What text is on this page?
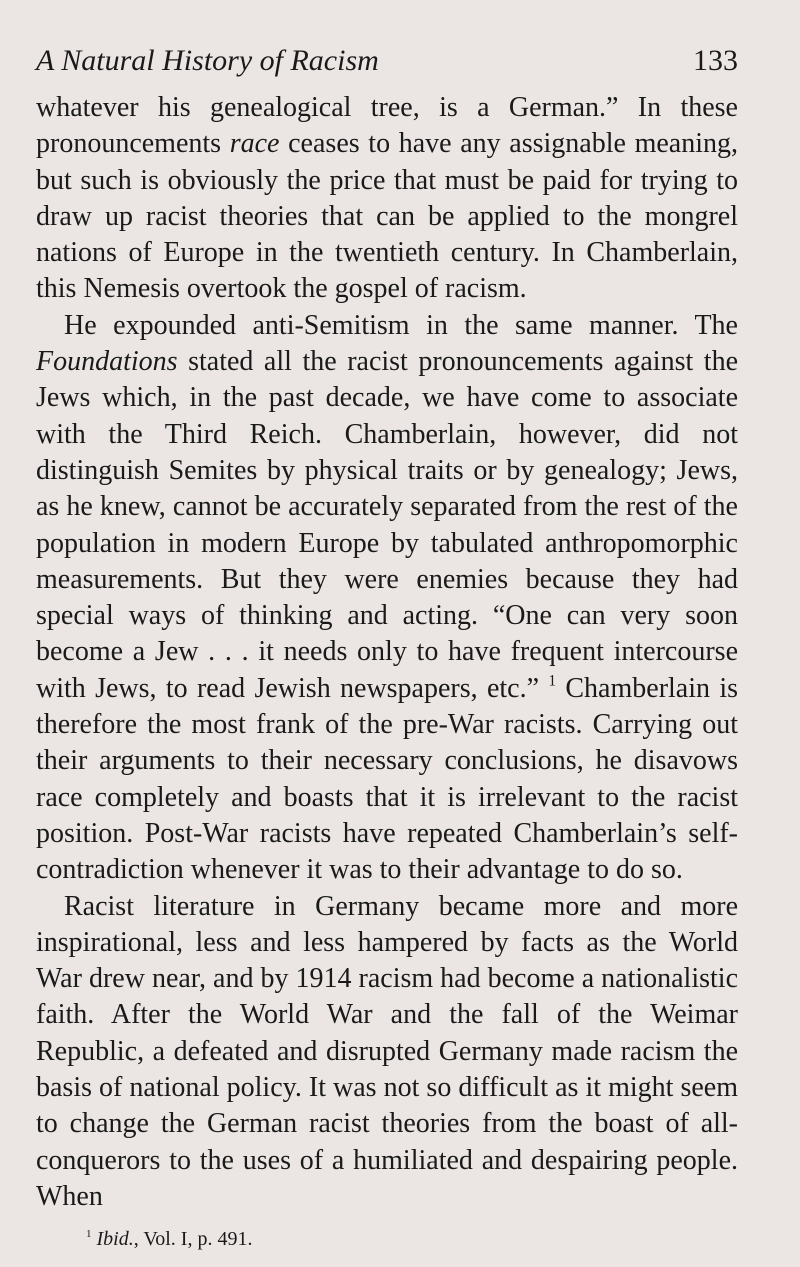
A Natural History of Racism	133

whatever his genealogical tree, is a German.” In these pronouncements race ceases to have any assignable meaning, but such is obviously the price that must be paid for trying to draw up racist theories that can be applied to the mongrel nations of Europe in the twentieth century. In Chamberlain, this Nemesis overtook the gospel of racism.

He expounded anti-Semitism in the same manner. The Foundations stated all the racist pronouncements against the Jews which, in the past decade, we have come to associate with the Third Reich. Chamberlain, however, did not distinguish Semites by physical traits or by genealogy; Jews, as he knew, cannot be accurately separated from the rest of the population in modern Europe by tabulated anthropomorphic measurements. But they were enemies because they had special ways of thinking and acting. “One can very soon become a Jew . . . it needs only to have frequent intercourse with Jews, to read Jewish newspapers, etc.” $^1$ Chamberlain is therefore the most frank of the pre-War racists. Carrying out their arguments to their necessary conclusions, he disavows race completely and boasts that it is irrelevant to the racist position. Post-War racists have repeated Chamberlain’s self-contradiction whenever it was to their advantage to do so.

Racist literature in Germany became more and more inspirational, less and less hampered by facts as the World War drew near, and by 1914 racism had become a nationalistic faith. After the World War and the fall of the Weimar Republic, a defeated and disrupted Germany made racism the basis of national policy. It was not so difficult as it might seem to change the German racist theories from the boast of all-conquerors to the uses of a humiliated and despairing people. When

$^1$ Ibid., Vol. I, p. 491.
